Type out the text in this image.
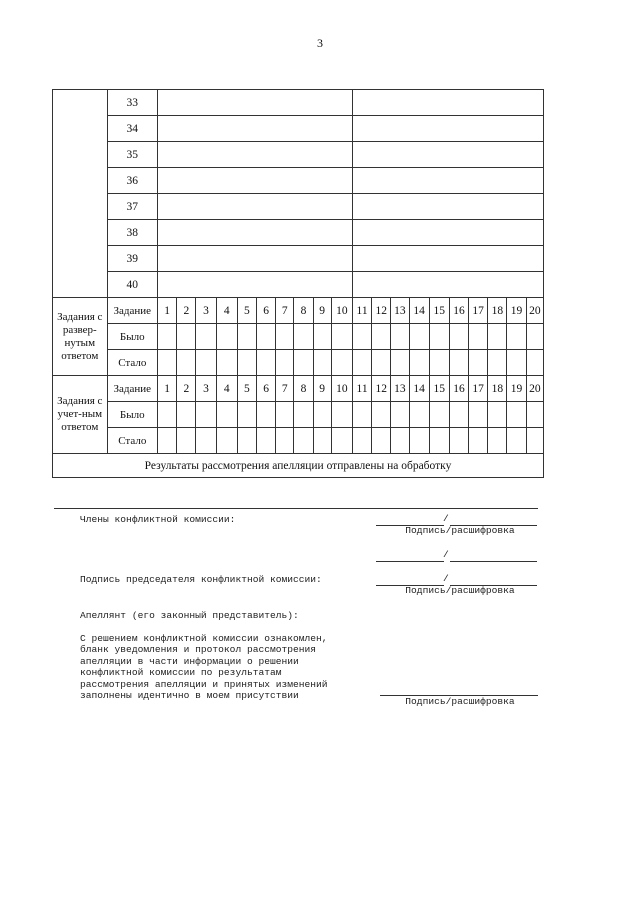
3
	33																				
	34																				
	35																				
	36																				
	37																				
	38																				
	39																				
	40																				
Задания с развер-нутым ответом	Задание	1	2	3	4	5	6	7	8	9	10	11	12	13	14	15	16	17	18	19	20
	Было																				
	Стало																				
Задания с учет-ным ответом	Задание	1	2	3	4	5	6	7	8	9	10	11	12	13	14	15	16	17	18	19	20
	Было																				
	Стало																				
Результаты рассмотрения апелляции отправлены на обработку																					
Члены конфликтной комиссии:	/
Подпись/расшифровка
/
Подпись председателя конфликтной комиссии:	/
Подпись/расшифровка
Апеллянт (его законный представитель):
С решением конфликтной комиссии ознакомлен,
бланк уведомления и протокол рассмотрения
апелляции в части информации о решении
конфликтной комиссии по результатам
рассмотрения апелляции и принятых изменений
заполнены идентично в моем присутствии
Подпись/расшифровка
